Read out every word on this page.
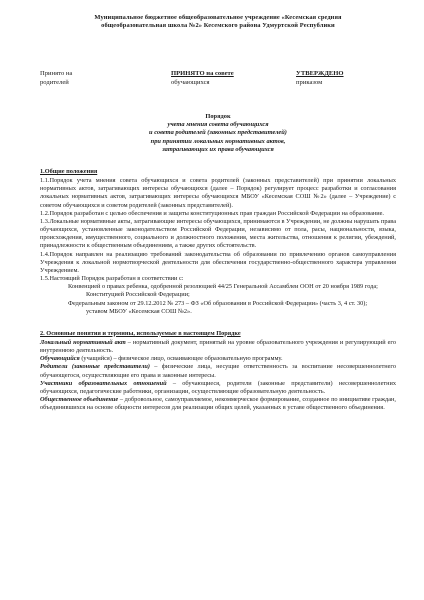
Муниципальное бюджетное общеобразовательное учреждение «Кесемская средняя
общеобразовательная школа №2» Кесемского района Удмуртской Республики
Принято на
родителей
ПРИНЯТО на совете
обучающихся
УТВЕРЖДЕНО
приказом
Порядок
учета мнения совета обучающихся
и совета родителей (законных представителей)
при принятии локальных нормативных актов,
затрагивающих их права обучающихся
1.Общие положения
1.1.Порядок учета мнения совета обучающихся и совета родителей (законных представителей) при принятии локальных нормативных актов, затрагивающих интересы обучающихся (далее – Порядок) регулирует процесс разработки и согласования локальных нормативных актов, затрагивающих интересы обучающихся МБОУ «Кесемская СОШ №2» (далее – Учреждение) с советом обучающихся и советом родителей (законных представителей).
1.2.Порядок разработан с целью обеспечения и защиты конституционных прав граждан Российской Федерации на образование.
1.3.Локальные нормативные акты, затрагивающие интересы обучающихся, принимаются в Учреждении, не должны нарушать права обучающихся, установленные законодательством Российской Федерации, независимо от пола, расы, национальности, языка, происхождения, имущественного, социального и должностного положения, места жительства, отношения к религии, убеждений, принадлежности к общественным объединениям, а также других обстоятельств.
1.4.Порядок направлен на реализацию требований законодательства об образовании по привлечению органов самоуправления Учреждения к локальной нормотворческой деятельности для обеспечения государственно-общественного характера управления Учреждением.
1.5.Настоящий Порядок разработан в соответствии с:
Конвенцией о правах ребенка, одобренной резолюцией 44/25 Генеральной Ассамблеи ООН от 20 ноября 1989 года;
Конституцией Российской Федерации;
Федеральным законом от 29.12.2012 № 273 – ФЗ «Об образовании в Российской Федерации» (часть 3, 4 ст. 30);
уставом МБОУ «Кесемская СОШ №2».
2. Основные понятия и термины, используемые в настоящем Порядке
Локальный нормативный акт – нормативный документ, принятый на уровне образовательного учреждения и регулирующий его внутреннюю деятельность.
Обучающийся (учащийся) – физическое лицо, осваивающее образовательную программу.
Родители (законные представители) – физические лица, несущие ответственность за воспитание несовершеннолетнего обучающегося, осуществляющие его права и законные интересы.
Участники образовательных отношений – обучающиеся, родители (законные представители) несовершеннолетних обучающихся, педагогические работники, организации, осуществляющие образовательную деятельность.
Общественное объединение – добровольное, самоуправляемое, некоммерческое формирование, созданное по инициативе граждан, объединившихся на основе общности интересов для реализации общих целей, указанных в уставе общественного объединения.
